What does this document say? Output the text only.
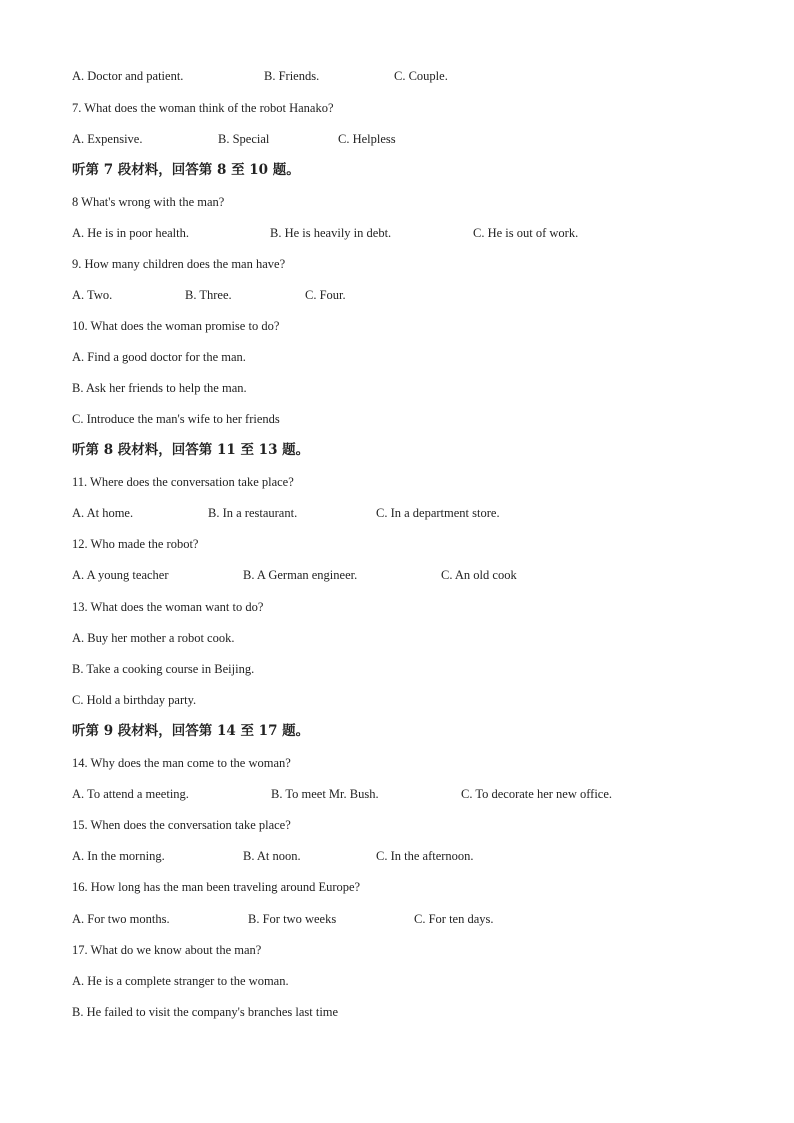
A. Doctor and patient.	B. Friends.	C. Couple.
7. What does the woman think of the robot Hanako?
A. Expensive.	B. Special	C. Helpless
听第 7 段材料，回答第 8 至 10 题。
8 What's wrong with the man?
A. He is in poor health.	B. He is heavily in debt.	C. He is out of work.
9. How many children does the man have?
A. Two.	B. Three.	C. Four.
10. What does the woman promise to do?
A. Find a good doctor for the man.
B. Ask her friends to help the man.
C. Introduce the man's wife to her friends
听第 8 段材料，回答第 11 至 13 题。
11. Where does the conversation take place?
A. At home.	B. In a restaurant.	C. In a department store.
12. Who made the robot?
A. A young teacher	B. A German engineer.	C. An old cook
13. What does the woman want to do?
A. Buy her mother a robot cook.
B. Take a cooking course in Beijing.
C. Hold a birthday party.
听第 9 段材料，回答第 14 至 17 题。
14. Why does the man come to the woman?
A. To attend a meeting.	B. To meet Mr. Bush.	C. To decorate her new office.
15. When does the conversation take place?
A. In the morning.	B. At noon.	C. In the afternoon.
16. How long has the man been traveling around Europe?
A. For two months.	B. For two weeks	C. For ten days.
17. What do we know about the man?
A. He is a complete stranger to the woman.
B. He failed to visit the company's branches last time
